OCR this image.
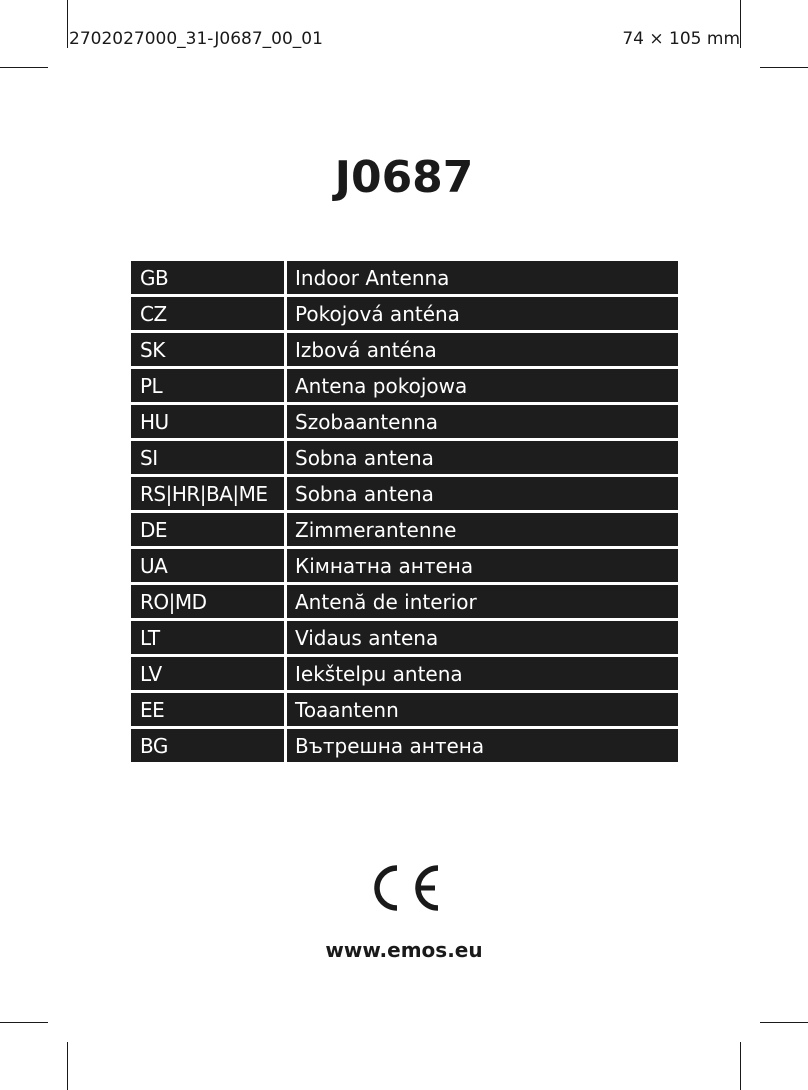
2702027000_31-J0687_00_01	74 × 105 mm
J0687
GB	Indoor Antenna
CZ	Pokojová anténa
SK	Izbová anténa
PL	Antena pokojowa
HU	Szobaantenna
SI	Sobna antena
RS|HR|BA|ME	Sobna antena
DE	Zimmerantenne
UA	Кімнатна антена
RO|MD	Antenă de interior
LT	Vidaus antena
LV	Iekštelpu antena
EE	Toaantenn
BG	Вътрешна антена
www.emos.eu
